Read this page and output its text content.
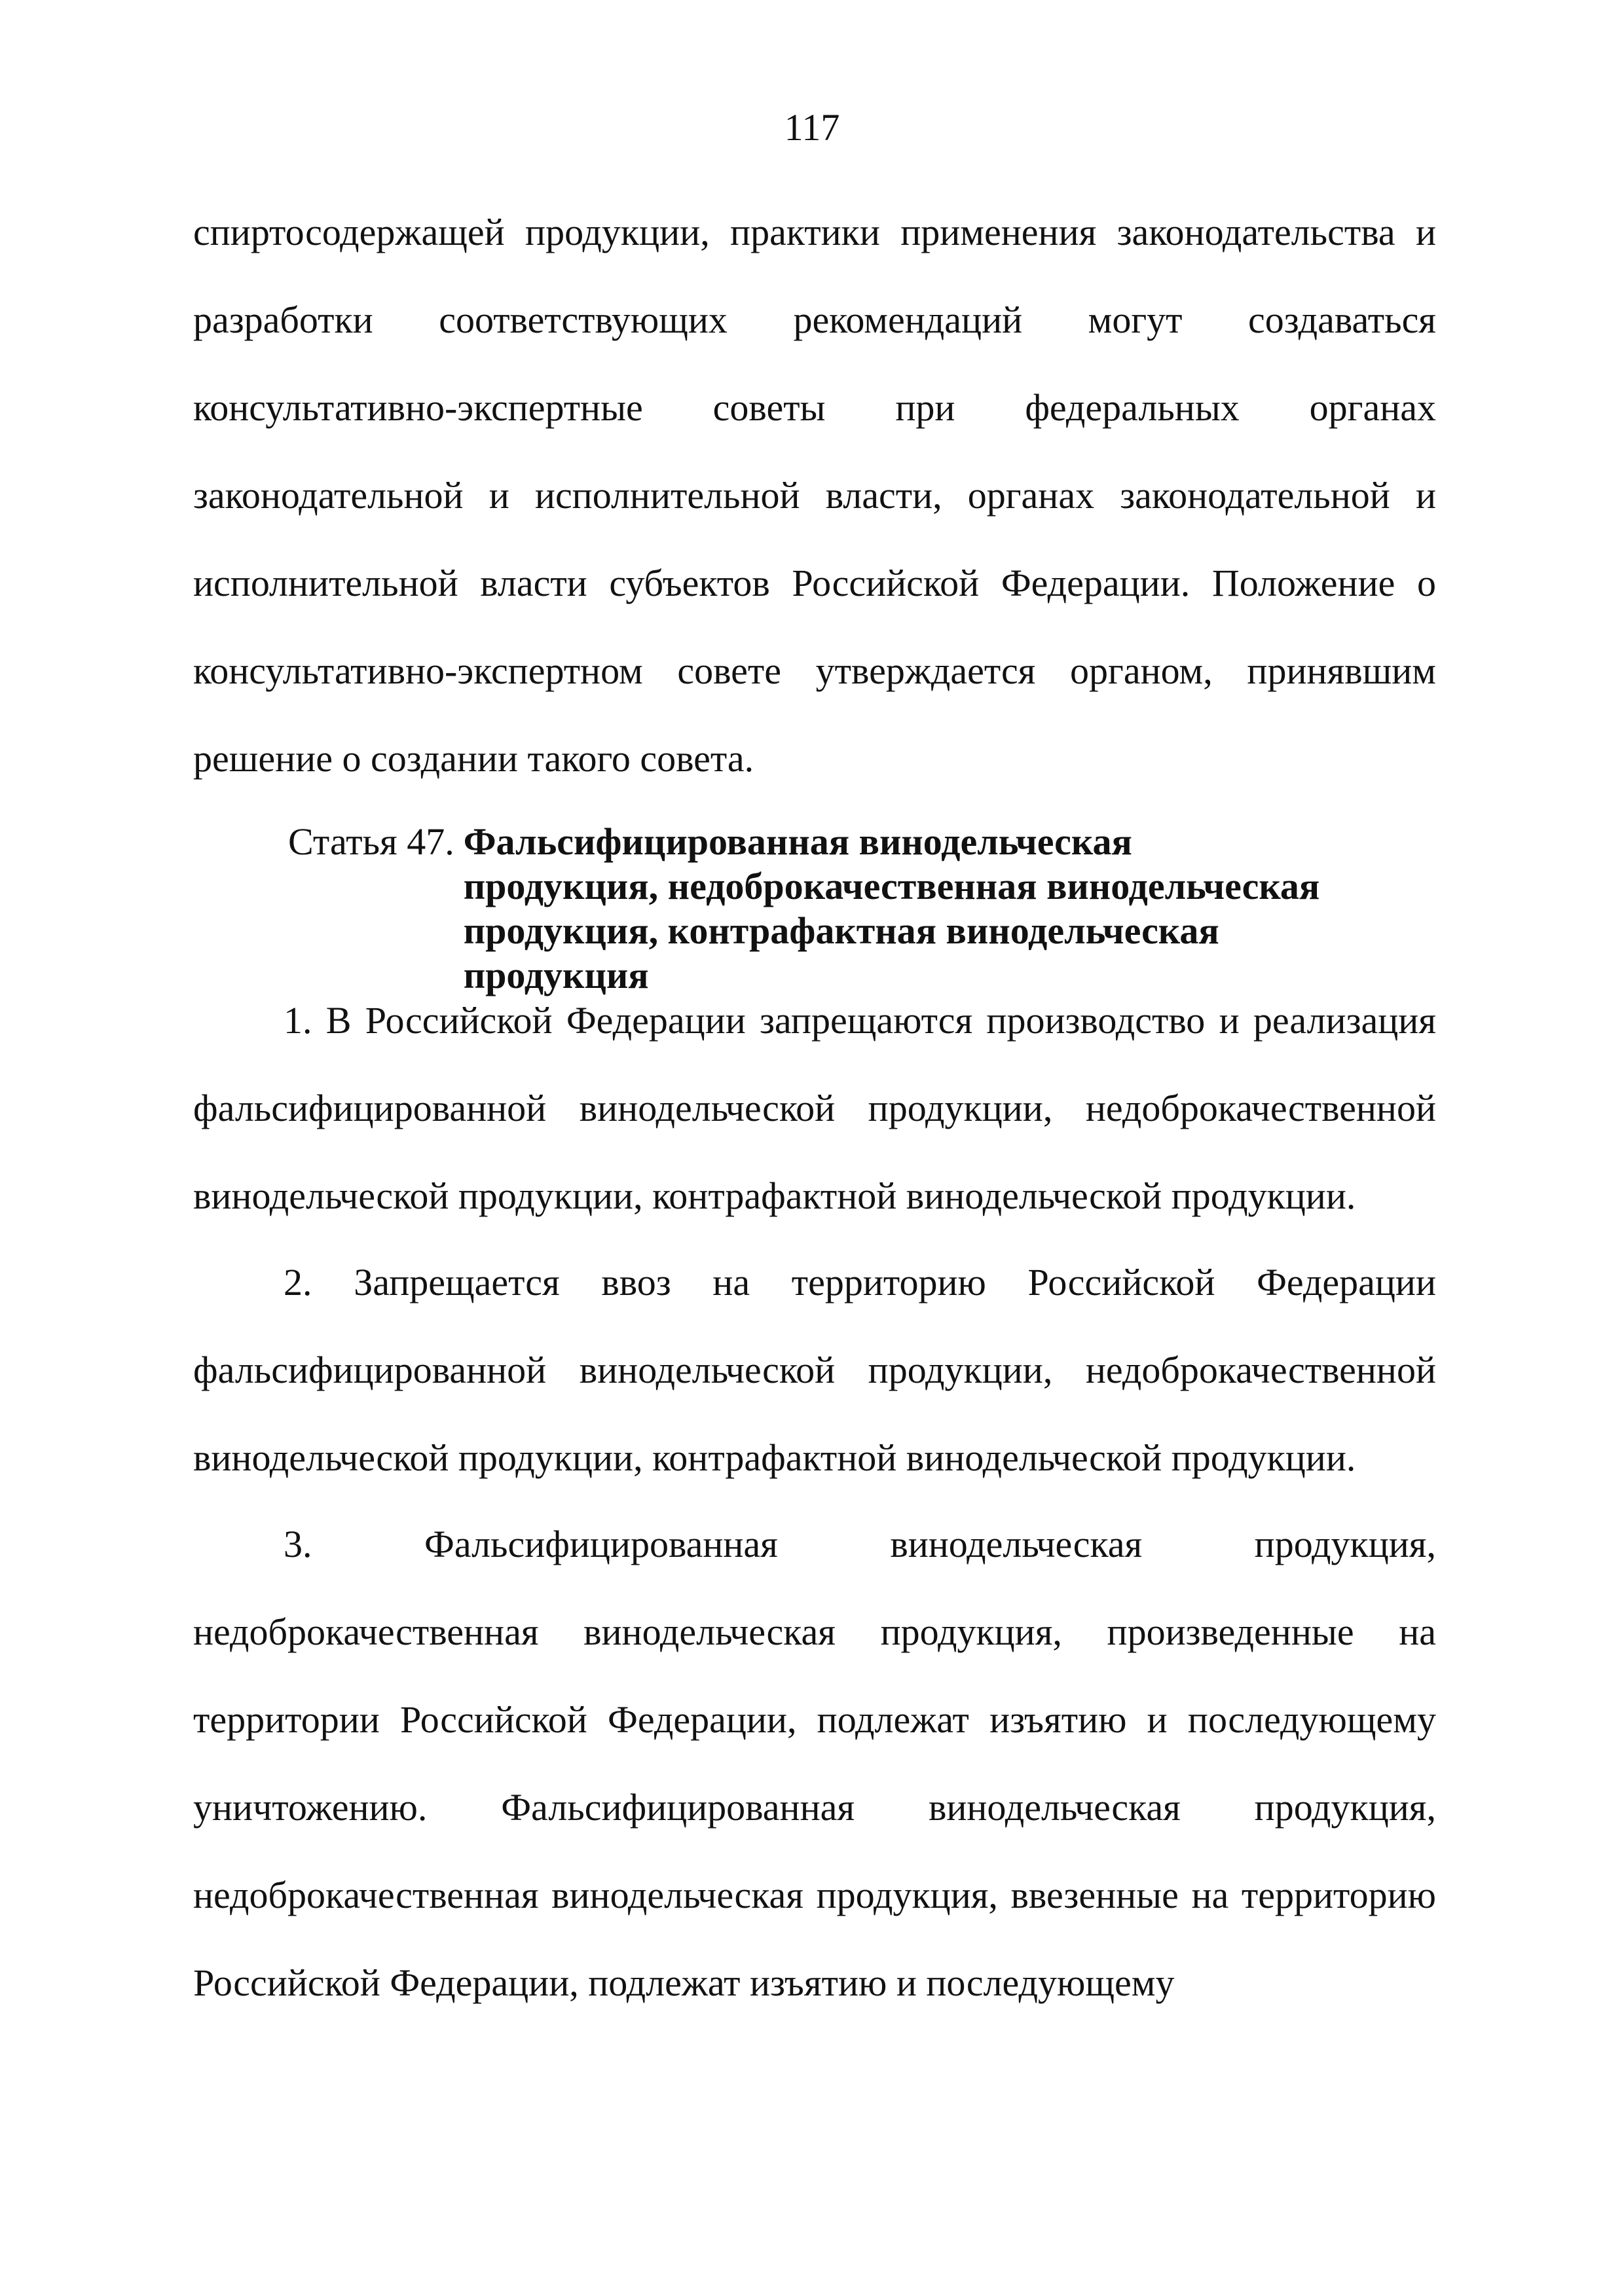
117
спиртосодержащей продукции, практики применения законодательства и разработки соответствующих рекомендаций могут создаваться консультативно-экспертные советы при федеральных органах законодательной и исполнительной власти, органах законодательной и исполнительной власти субъектов Российской Федерации. Положение о консультативно-экспертном совете утверждается органом, принявшим решение о создании такого совета.
Статья 47. Фальсифицированная винодельческая продукция, недоброкачественная винодельческая продукция, контрафактная винодельческая продукция

1. В Российской Федерации запрещаются производство и реализация фальсифицированной винодельческой продукции, недоброкачественной винодельческой продукции, контрафактной винодельческой продукции.

2. Запрещается ввоз на территорию Российской Федерации фальсифицированной винодельческой продукции, недоброкачественной винодельческой продукции, контрафактной винодельческой продукции.

3. Фальсифицированная винодельческая продукция, недоброкачественная винодельческая продукция, произведенные на территории Российской Федерации, подлежат изъятию и последующему уничтожению. Фальсифицированная винодельческая продукция, недоброкачественная винодельческая продукция, ввезенные на территорию Российской Федерации, подлежат изъятию и последующему
